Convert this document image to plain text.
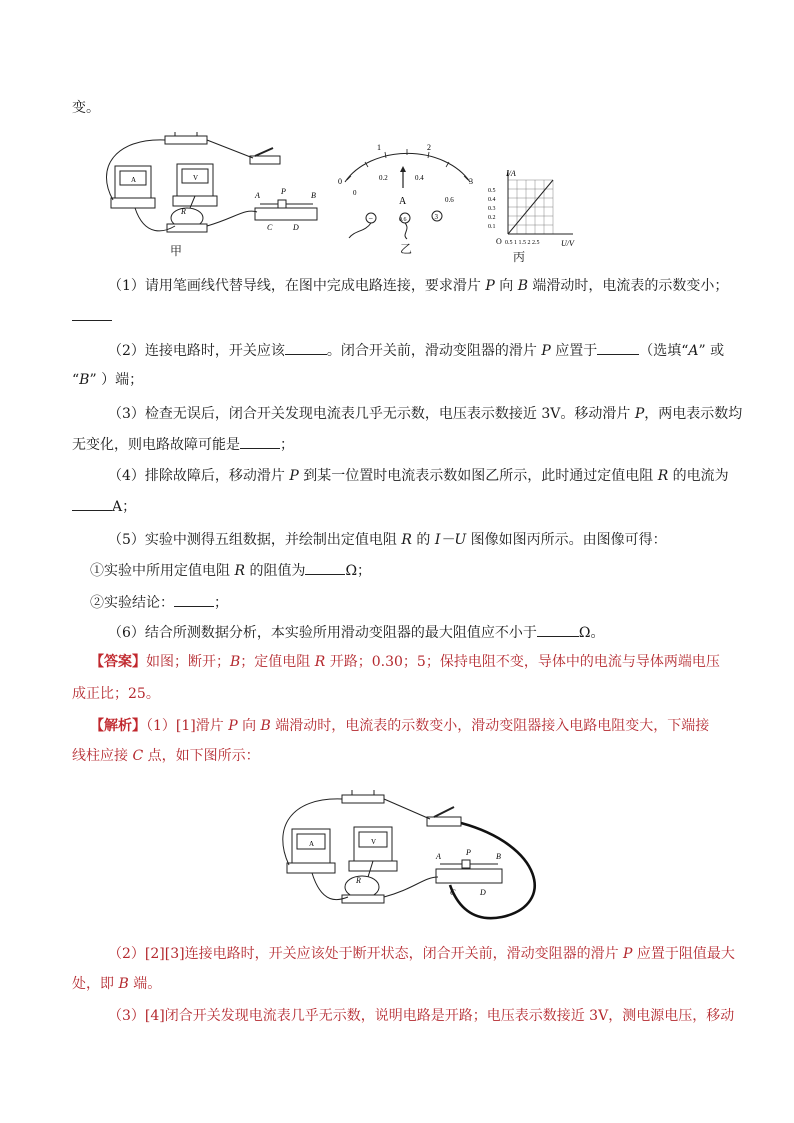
变。
A	V
R
A	P	B
C	D
甲
0
1	2
3
0
0.2	0.4
0.6
A
−	0.6	3
乙
I/A
U/V
O
0.5
0.4
0.3
0.2
0.1
0.5 1 1.5 2 2.5
丙
（1）请用笔画线代替导线，在图中完成电路连接，要求滑片 P 向 B 端滑动时，电流表的示数变小；
（2）连接电路时，开关应该	。闭合开关前，滑动变阻器的滑片 P 应置于	（选填“A” 或
“B” ）端；
（3）检查无误后，闭合开关发现电流表几乎无示数，电压表示数接近 3V。移动滑片 P，两电表示数均
无变化，则电路故障可能是	；
（4）排除故障后，移动滑片 P 到某一位置时电流表示数如图乙所示，此时通过定值电阻 R 的电流为
A；
（5）实验中测得五组数据，并绘制出定值电阻 R 的 I－U 图像如图丙所示。由图像可得：
①实验中所用定值电阻 R 的阻值为	Ω；
②实验结论：	；
（6）结合所测数据分析，本实验所用滑动变阻器的最大阻值应不小于	Ω。
【答案】如图；断开；B；定值电阻 R 开路；0.30；5；保持电阻不变，导体中的电流与导体两端电压
成正比；25。
【解析】（1）[1]滑片 P 向 B 端滑动时，电流表的示数变小，滑动变阻器接入电路电阻变大，下端接
线柱应接 C 点，如下图所示：
A	V
R
A	P	B
C	D
（2）[2][3]连接电路时，开关应该处于断开状态，闭合开关前，滑动变阻器的滑片 P 应置于阻值最大
处，即 B 端。
（3）[4]闭合开关发现电流表几乎无示数，说明电路是开路；电压表示数接近 3V，测电源电压，移动
